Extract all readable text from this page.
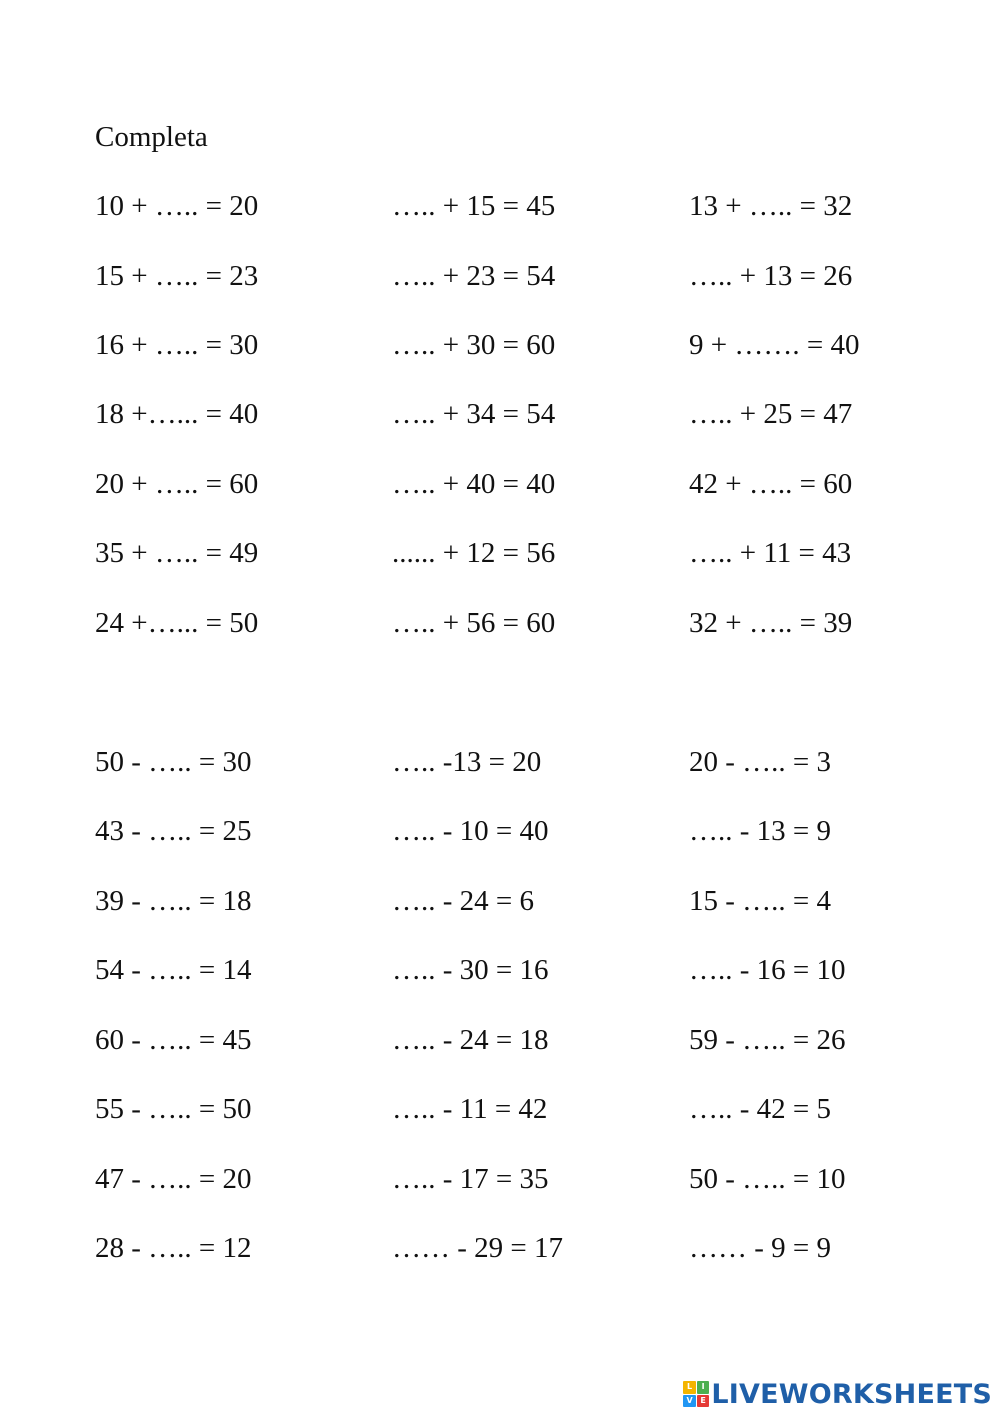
Completa
10 + ….. = 20	….. + 15 = 45	13 + ….. = 32
15 + ….. = 23	….. + 23 = 54	….. + 13 = 26
16 + ….. = 30	….. + 30 = 60	9 + ……. = 40
18 +…... = 40	….. + 34 = 54	….. + 25 = 47
20 + ….. = 60	….. + 40 = 40	42 + ….. = 60
35 + ….. = 49	...... + 12 = 56	….. + 11 = 43
24 +…... = 50	….. + 56 = 60	32 + ….. = 39
50 - ….. = 30	….. -13 = 20	20 - ….. = 3
43 - ….. = 25	….. - 10 = 40	….. - 13 = 9
39 - ….. = 18	….. - 24 = 6	15 - ….. = 4
54 - ….. = 14	….. - 30 = 16	….. - 16 = 10
60 - ….. = 45	….. - 24 = 18	59 - ….. = 26
55 - ….. = 50	….. - 11 = 42	….. - 42 = 5
47 - ….. = 20	….. - 17 = 35	50 - ….. = 10
28 - ….. = 12	…… - 29 = 17	…… - 9 = 9
L	I
V E LIVEWORKSHEETS
